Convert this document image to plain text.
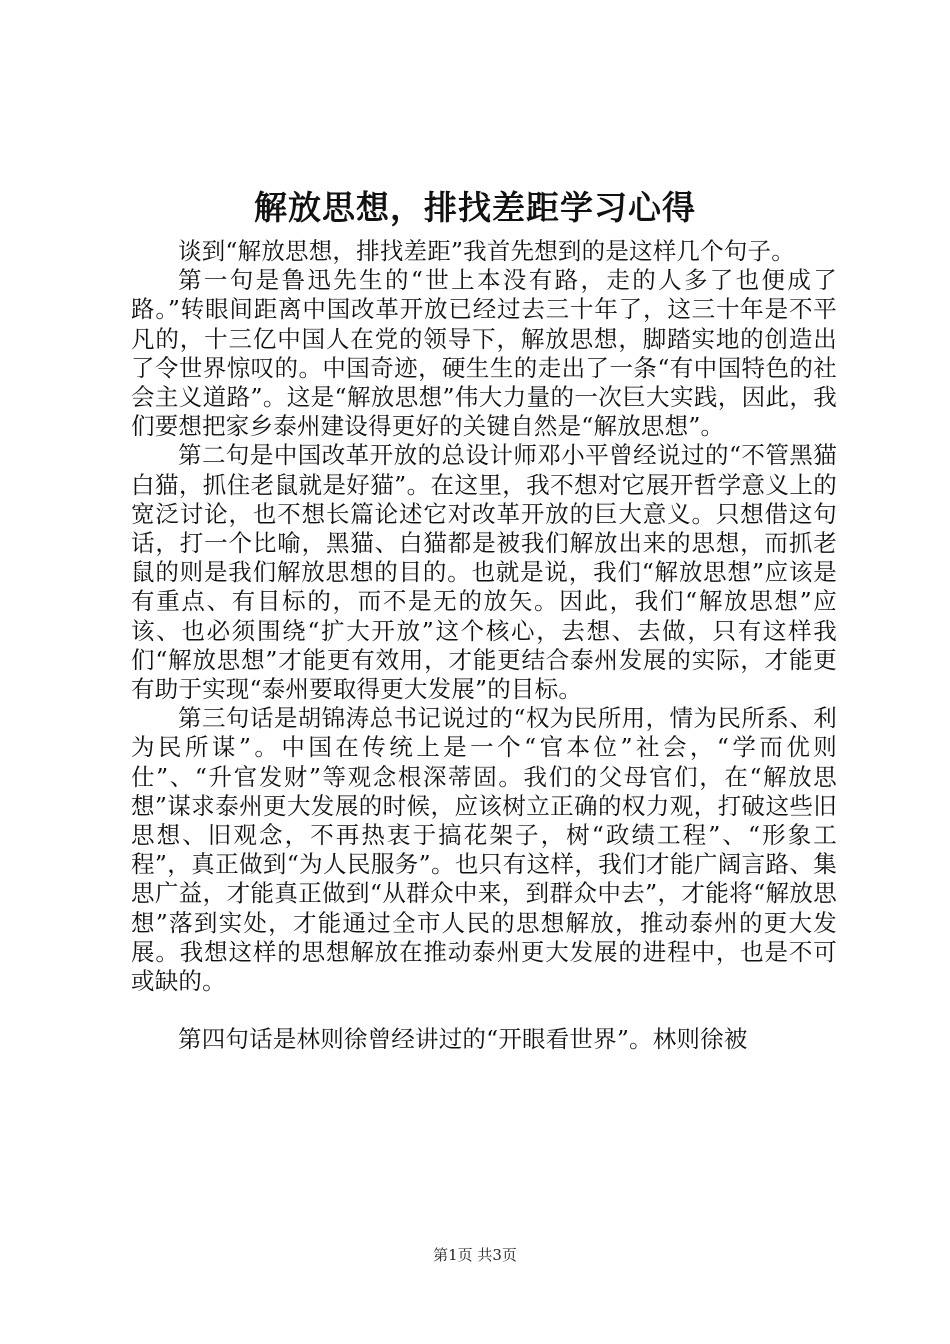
解放思想，排找差距学习心得

谈到“解放思想，排找差距”我首先想到的是这样几个句子。

第一句是鲁迅先生的“世上本没有路，走的人多了也便成了路。”转眼间距离中国改革开放已经过去三十年了，这三十年是不平凡的，十三亿中国人在党的领导下，解放思想，脚踏实地的创造出了令世界惊叹的。中国奇迹，硬生生的走出了一条“有中国特色的社会主义道路”。这是“解放思想”伟大力量的一次巨大实践，因此，我们要想把家乡泰州建设得更好的关键自然是“解放思想”。

第二句是中国改革开放的总设计师邓小平曾经说过的“不管黑猫白猫，抓住老鼠就是好猫”。在这里，我不想对它展开哲学意义上的宽泛讨论，也不想长篇论述它对改革开放的巨大意义。只想借这句话，打一个比喻，黑猫、白猫都是被我们解放出来的思想，而抓老鼠的则是我们解放思想的目的。也就是说，我们“解放思想”应该是有重点、有目标的，而不是无的放矢。因此，我们“解放思想”应该、也必须围绕“扩大开放”这个核心，去想、去做，只有这样我们“解放思想”才能更有效用，才能更结合泰州发展的实际，才能更有助于实现“泰州要取得更大发展”的目标。

第三句话是胡锦涛总书记说过的“权为民所用，情为民所系、利为民所谋”。中国在传统上是一个“官本位”社会，“学而优则仕”、“升官发财”等观念根深蒂固。我们的父母官们，在“解放思想”谋求泰州更大发展的时候，应该树立正确的权力观，打破这些旧思想、旧观念，不再热衷于搞花架子，树“政绩工程”、“形象工程”，真正做到“为人民服务”。也只有这样，我们才能广阔言路、集思广益，才能真正做到“从群众中来，到群众中去”，才能将“解放思想”落到实处，才能通过全市人民的思想解放，推动泰州的更大发展。我想这样的思想解放在推动泰州更大发展的进程中，也是不可或缺的。

第四句话是林则徐曾经讲过的“开眼看世界”。林则徐被

第1页 共3页
